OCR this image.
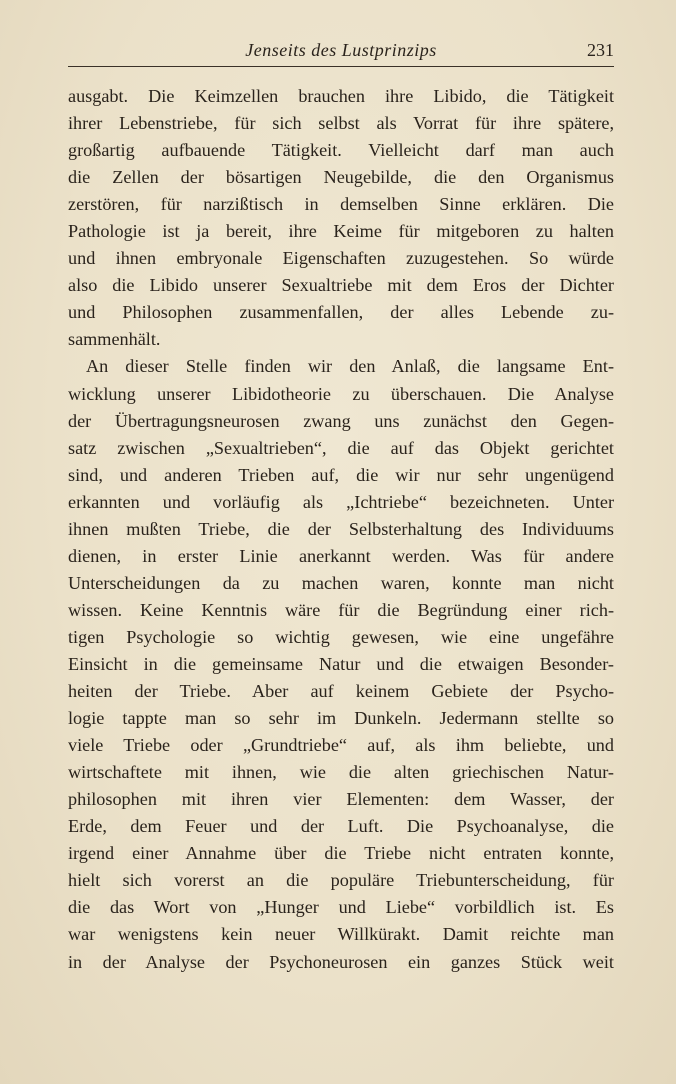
Jenseits des Lustprinzips	231
ausgabt. Die Keimzellen brauchen ihre Libido, die Tätigkeit
ihrer Lebenstriebe, für sich selbst als Vorrat für ihre spätere,
großartig aufbauende Tätigkeit. Vielleicht darf man auch
die Zellen der bösartigen Neugebilde, die den Organismus
zerstören, für narzißtisch in demselben Sinne erklären. Die
Pathologie ist ja bereit, ihre Keime für mitgeboren zu halten
und ihnen embryonale Eigenschaften zuzugestehen. So würde
also die Libido unserer Sexualtriebe mit dem Eros der Dichter
und Philosophen zusammenfallen, der alles Lebende zu-
sammenhält.
An dieser Stelle finden wir den Anlaß, die langsame Ent-
wicklung unserer Libidotheorie zu überschauen. Die Analyse
der Übertragungsneurosen zwang uns zunächst den Gegen-
satz zwischen „Sexualtrieben“, die auf das Objekt gerichtet
sind, und anderen Trieben auf, die wir nur sehr ungenügend
erkannten und vorläufig als „Ichtriebe“ bezeichneten. Unter
ihnen mußten Triebe, die der Selbsterhaltung des Individuums
dienen, in erster Linie anerkannt werden. Was für andere
Unterscheidungen da zu machen waren, konnte man nicht
wissen. Keine Kenntnis wäre für die Begründung einer rich-
tigen Psychologie so wichtig gewesen, wie eine ungefähre
Einsicht in die gemeinsame Natur und die etwaigen Besonder-
heiten der Triebe. Aber auf keinem Gebiete der Psycho-
logie tappte man so sehr im Dunkeln. Jedermann stellte so
viele Triebe oder „Grundtriebe“ auf, als ihm beliebte, und
wirtschaftete mit ihnen, wie die alten griechischen Natur-
philosophen mit ihren vier Elementen: dem Wasser, der
Erde, dem Feuer und der Luft. Die Psychoanalyse, die
irgend einer Annahme über die Triebe nicht entraten konnte,
hielt sich vorerst an die populäre Triebunterscheidung, für
die das Wort von „Hunger und Liebe“ vorbildlich ist. Es
war wenigstens kein neuer Willkürakt. Damit reichte man
in der Analyse der Psychoneurosen ein ganzes Stück weit
